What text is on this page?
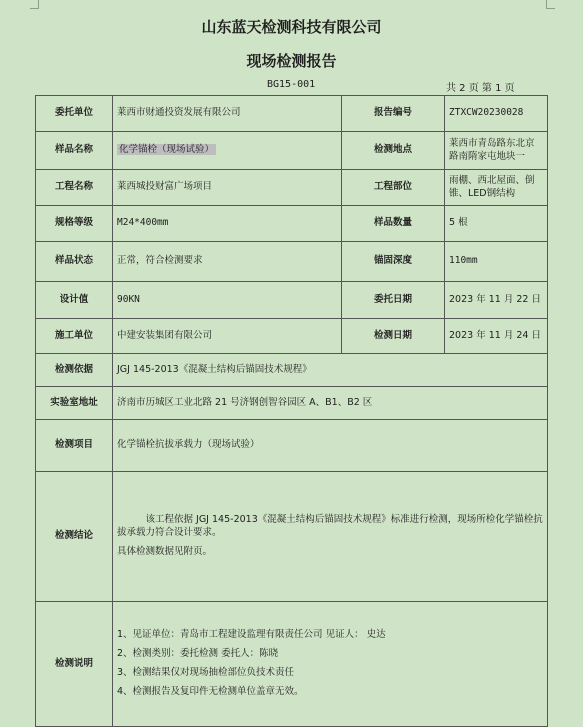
山东蓝天检测科技有限公司
现场检测报告
BG15-001	共 2 页 第 1 页
委托单位	莱西市财通投资发展有限公司	报告编号	ZTXCW20230028
样品名称	化学锚栓（现场试验）	检测地点	莱西市青岛路东北京路南隋家屯地块一
工程名称	莱西城投财富广场项目	工程部位	雨棚、西北屋面、倒锥、LED钢结构
规格等级	M24*400mm	样品数量	5 根
样品状态	正常，符合检测要求	锚固深度	110mm
设计值	90KN	委托日期	2023 年 11 月 22 日
施工单位	中建安装集团有限公司	检测日期	2023 年 11 月 24 日
检测依据	JGJ 145-2013《混凝土结构后锚固技术规程》		
实验室地址	济南市历城区工业北路 21 号济钢创智谷园区 A、B1、B2 区		
检测项目	化学锚栓抗拔承载力（现场试验）		
检测结论	该工程依据 JGJ 145-2013《混凝土结构后锚固技术规程》标准进行检测，现场所检化学锚栓抗拔承载力符合设计要求。

具体检测数据见附页。		

检测说明	1、见证单位：青岛市工程建设监理有限责任公司 见证人： 史达

2、检测类别：委托检测 委托人：陈晓

3、检测结果仅对现场抽检部位负技术责任

4、检测报告及复印件无检测单位盖章无效。		
